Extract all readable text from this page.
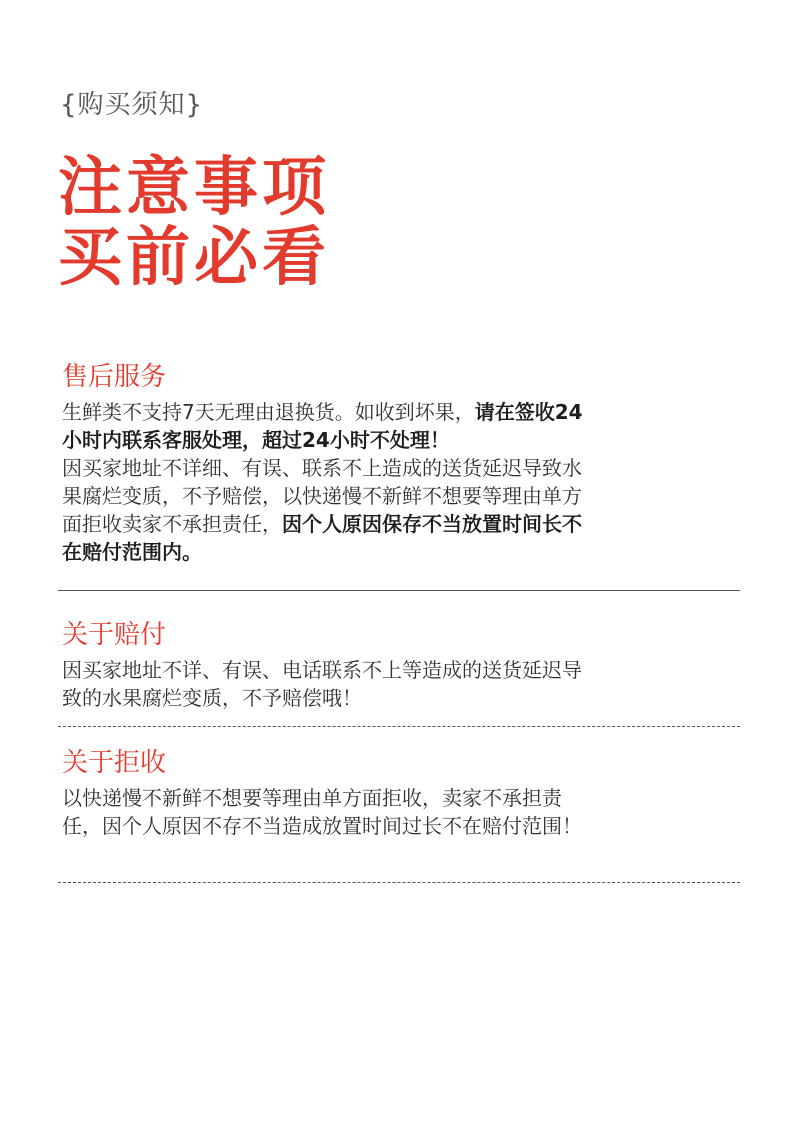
{购买须知}
注意事项
买前必看
售后服务
生鲜类不支持7天无理由退换货。如收到坏果，请在签收24
小时内联系客服处理，超过24小时不处理！
因买家地址不详细、有误、联系不上造成的送货延迟导致水
果腐烂变质，不予赔偿，以快递慢不新鲜不想要等理由单方
面拒收卖家不承担责任，因个人原因保存不当放置时间长不
在赔付范围内。
关于赔付
因买家地址不详、有误、电话联系不上等造成的送货延迟导
致的水果腐烂变质，不予赔偿哦！
关于拒收
以快递慢不新鲜不想要等理由单方面拒收，卖家不承担责
任，因个人原因不存不当造成放置时间过长不在赔付范围！
